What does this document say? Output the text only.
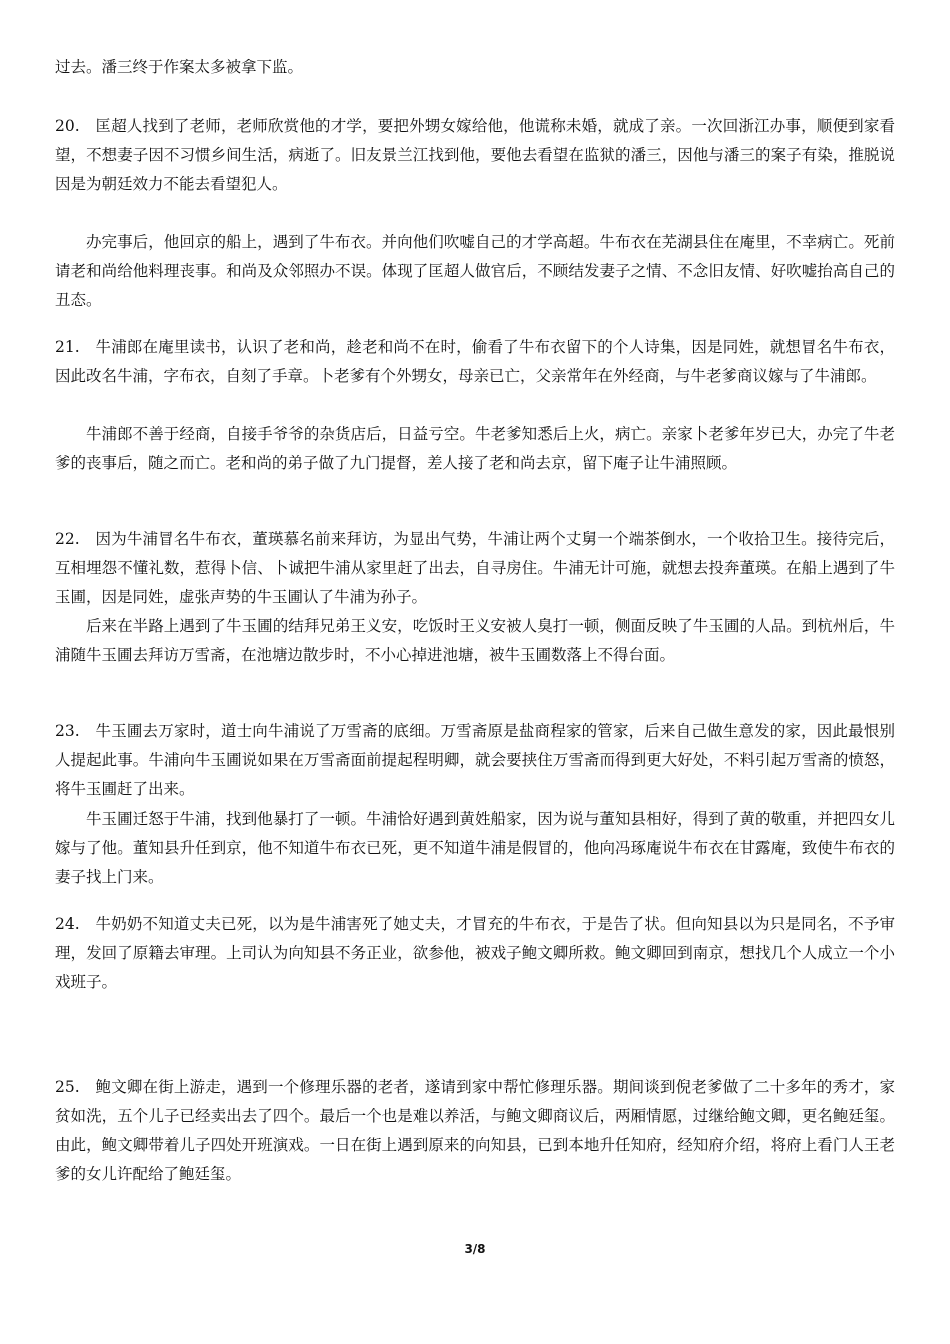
过去。潘三终于作案太多被拿下监。

20.　匡超人找到了老师，老师欣赏他的才学，要把外甥女嫁给他，他谎称未婚，就成了亲。一次回浙江办事，顺便到家看望，不想妻子因不习惯乡间生活，病逝了。旧友景兰江找到他，要他去看望在监狱的潘三，因他与潘三的案子有染，推脱说因是为朝廷效力不能去看望犯人。

办完事后，他回京的船上，遇到了牛布衣。并向他们吹嘘自己的才学高超。牛布衣在芜湖县住在庵里，不幸病亡。死前请老和尚给他料理丧事。和尚及众邻照办不误。体现了匡超人做官后，不顾结发妻子之情、不念旧友情、好吹嘘抬高自己的丑态。

21.　牛浦郎在庵里读书，认识了老和尚，趁老和尚不在时，偷看了牛布衣留下的个人诗集，因是同姓，就想冒名牛布衣，因此改名牛浦，字布衣，自刻了手章。卜老爹有个外甥女，母亲已亡，父亲常年在外经商，与牛老爹商议嫁与了牛浦郎。

牛浦郎不善于经商，自接手爷爷的杂货店后，日益亏空。牛老爹知悉后上火，病亡。亲家卜老爹年岁已大，办完了牛老爹的丧事后，随之而亡。老和尚的弟子做了九门提督，差人接了老和尚去京，留下庵子让牛浦照顾。

22.　因为牛浦冒名牛布衣，董瑛慕名前来拜访，为显出气势，牛浦让两个丈舅一个端茶倒水，一个收拾卫生。接待完后，互相埋怨不懂礼数，惹得卜信、卜诚把牛浦从家里赶了出去，自寻房住。牛浦无计可施，就想去投奔董瑛。在船上遇到了牛玉圃，因是同姓，虚张声势的牛玉圃认了牛浦为孙子。

后来在半路上遇到了牛玉圃的结拜兄弟王义安，吃饭时王义安被人臭打一顿，侧面反映了牛玉圃的人品。到杭州后，牛浦随牛玉圃去拜访万雪斋，在池塘边散步时，不小心掉进池塘，被牛玉圃数落上不得台面。

23.　牛玉圃去万家时，道士向牛浦说了万雪斋的底细。万雪斋原是盐商程家的管家，后来自己做生意发的家，因此最恨别人提起此事。牛浦向牛玉圃说如果在万雪斋面前提起程明卿，就会要挟住万雪斋而得到更大好处，不料引起万雪斋的愤怒，将牛玉圃赶了出来。

牛玉圃迁怒于牛浦，找到他暴打了一顿。牛浦恰好遇到黄姓船家，因为说与董知县相好，得到了黄的敬重，并把四女儿嫁与了他。董知县升任到京，他不知道牛布衣已死，更不知道牛浦是假冒的，他向冯琢庵说牛布衣在甘露庵，致使牛布衣的妻子找上门来。

24.　牛奶奶不知道丈夫已死，以为是牛浦害死了她丈夫，才冒充的牛布衣，于是告了状。但向知县以为只是同名，不予审理，发回了原籍去审理。上司认为向知县不务正业，欲参他，被戏子鲍文卿所救。鲍文卿回到南京，想找几个人成立一个小戏班子。

25.　鲍文卿在街上游走，遇到一个修理乐器的老者，遂请到家中帮忙修理乐器。期间谈到倪老爹做了二十多年的秀才，家贫如洗，五个儿子已经卖出去了四个。最后一个也是难以养活，与鲍文卿商议后，两厢情愿，过继给鲍文卿，更名鲍廷玺。由此，鲍文卿带着儿子四处开班演戏。一日在街上遇到原来的向知县，已到本地升任知府，经知府介绍，将府上看门人王老爹的女儿许配给了鲍廷玺。

3/8
